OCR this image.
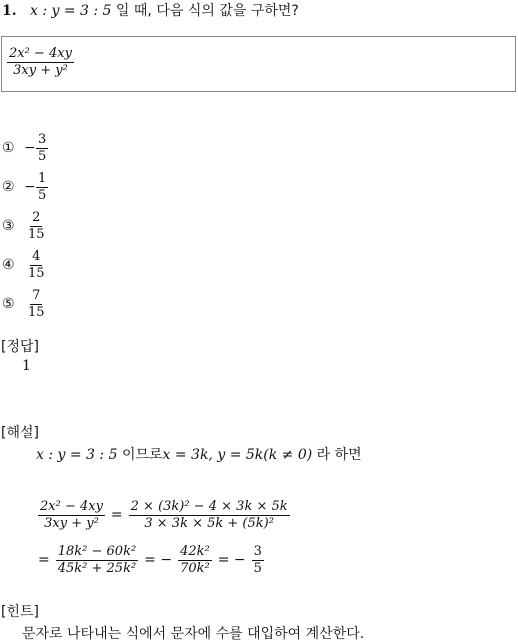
1. x : y = 3 : 5 일 때, 다음 식의 값을 구하면?
$\frac{\text{2x² − 4xy}}{\text{3xy + y²}}$
① − $\frac{3}{5}$
② − $\frac{1}{5}$
③ $\frac{2}{15}$
④ $\frac{4}{15}$
⑤ $\frac{7}{15}$
[정답]
1
[해설]
x : y = 3 : 5 이므로x = 3k, y = 5k(k ≠ 0) 라 하면
$\frac{\text{2x² − 4xy}}{\text{3xy + y²}} = \frac{\text{2 × (3k)² − 4 × 3k × 5k}}{\text{3 × 3k × 5k + (5k)²}}$
= $\frac{\text{18k² − 60k²}}{\text{45k² + 25k²}}$ = − $\frac{\text{42k²}}{\text{70k²}}$ = − $\frac{3}{5}$
[힌트]
문자로 나타내는 식에서 문자에 수를 대입하여 계산한다.
